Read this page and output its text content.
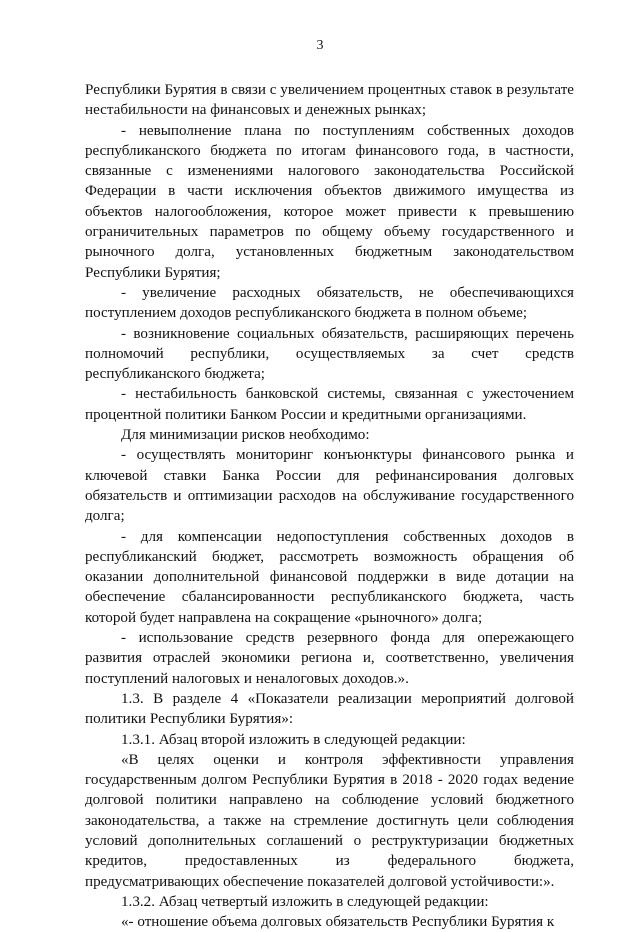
3

Республики Бурятия в связи с увеличением процентных ставок в результате нестабильности на финансовых и денежных рынках;

- невыполнение плана по поступлениям собственных доходов республиканского бюджета по итогам финансового года, в частности, связанные с изменениями налогового законодательства Российской Федерации в части исключения объектов движимого имущества из объектов налогообложения, которое может привести к превышению ограничительных параметров по общему объему государственного и рыночного долга, установленных бюджетным законодательством Республики Бурятия;

- увеличение расходных обязательств, не обеспечивающихся поступлением доходов республиканского бюджета в полном объеме;

- возникновение социальных обязательств, расширяющих перечень полномочий республики, осуществляемых за счет средств республиканского бюджета;

- нестабильность банковской системы, связанная с ужесточением процентной политики Банком России и кредитными организациями.

Для минимизации рисков необходимо:

- осуществлять мониторинг конъюнктуры финансового рынка и ключевой ставки Банка России для рефинансирования долговых обязательств и оптимизации расходов на обслуживание государственного долга;

- для компенсации недопоступления собственных доходов в республиканский бюджет, рассмотреть возможность обращения об оказании дополнительной финансовой поддержки в виде дотации на обеспечение сбалансированности республиканского бюджета, часть которой будет направлена на сокращение «рыночного» долга;

- использование средств резервного фонда для опережающего развития отраслей экономики региона и, соответственно, увеличения поступлений налоговых и неналоговых доходов.».

1.3. В разделе 4 «Показатели реализации мероприятий долговой политики Республики Бурятия»:

1.3.1. Абзац второй изложить в следующей редакции:

«В целях оценки и контроля эффективности управления государственным долгом Республики Бурятия в 2018 - 2020 годах ведение долговой политики направлено на соблюдение условий бюджетного законодательства, а также на стремление достигнуть цели соблюдения условий дополнительных соглашений о реструктуризации бюджетных кредитов, предоставленных из федерального бюджета, предусматривающих обеспечение показателей долговой устойчивости:».

1.3.2. Абзац четвертый изложить в следующей редакции:

«- отношение объема долговых обязательств Республики Бурятия к
